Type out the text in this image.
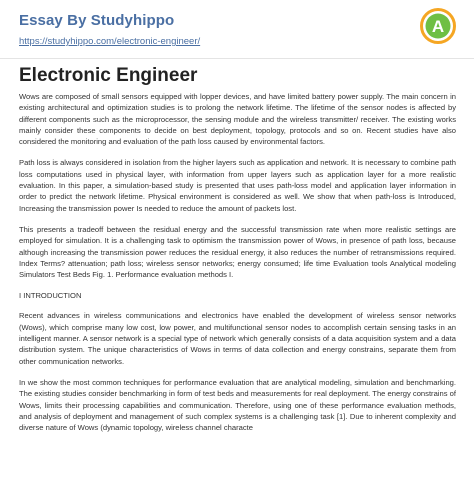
Essay By Studyhippo
https://studyhippo.com/electronic-engineer/
A
Electronic Engineer

Wows are composed of small sensors equipped with lopper devices, and have limited battery power supply. The main concern in existing architectural and optimization studies is to prolong the network lifetime. The lifetime of the sensor nodes is affected by different components such as the microprocessor, the sensing module and the wireless transmitter/ receiver. The existing works mainly consider these components to decide on best deployment, topology, protocols and so on. Recent studies have also considered the monitoring and evaluation of the path loss caused by environmental factors.

Path loss is always considered in isolation from the higher layers such as application and network. It is necessary to combine path loss computations used in physical layer, with information from upper layers such as application layer for a more realistic evaluation. In this paper, a simulation-based study is presented that uses path-loss model and application layer information in order to predict the network lifetime. Physical environment is considered as well. We show that when path-loss is Introduced, Increasing the transmission power Is needed to reduce the amount of packets lost.

This presents a tradeoff between the residual energy and the successful transmission rate when more realistic settings are employed for simulation. It is a challenging task to optimism the transmission power of Wows, in presence of path loss, because although increasing the transmission power reduces the residual energy, it also reduces the number of retransmissions required. Index Terms? attenuation; path loss; wireless sensor networks; energy consumed; life time Evaluation tools Analytical modeling Simulators Test Beds Fig. 1. Performance evaluation methods I.

I INTRODUCTION

Recent advances in wireless communications and electronics have enabled the development of wireless sensor networks (Wows), which comprise many low cost, low power, and multifunctional sensor nodes to accomplish certain sensing tasks in an intelligent manner. A sensor network is a special type of network which generally consists of a data acquisition system and a data distribution system. The unique characteristics of Wows in terms of data collection and energy constrains, separate them from other communication networks.

In we show the most common techniques for performance evaluation that are analytical modeling, simulation and benchmarking. The existing studies consider benchmarking in form of test beds and measurements for real deployment. The energy constrains of Wows, limits their processing capabilities and communication. Therefore, using one of these performance evaluation methods, and analysis of deployment and management of such complex systems is a challenging task [1]. Due to inherent complexity and diverse nature of Wows (dynamic topology, wireless channel characte
